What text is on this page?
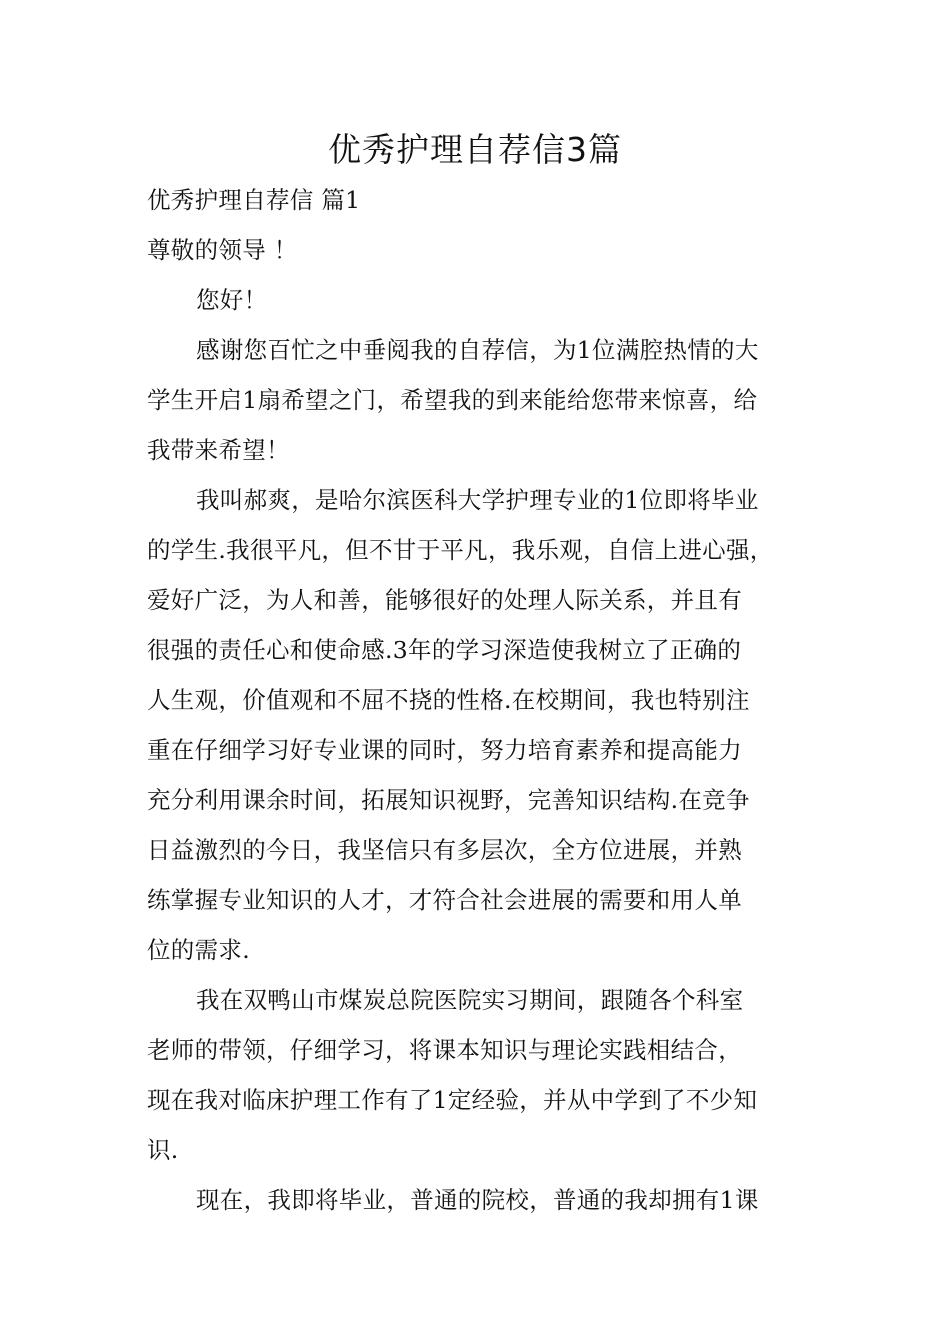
优秀护理自荐信3篇
优秀护理自荐信 篇1
尊敬的领导 ！
您好！
感谢您百忙之中垂阅我的自荐信，为1位满腔热情的大
学生开启1扇希望之门，希望我的到来能给您带来惊喜，给
我带来希望！
我叫郝爽，是哈尔滨医科大学护理专业的1位即将毕业
的学生.我很平凡，但不甘于平凡，我乐观，自信上进心强，
爱好广泛，为人和善，能够很好的处理人际关系，并且有
很强的责任心和使命感.3年的学习深造使我树立了正确的
人生观，价值观和不屈不挠的性格.在校期间，我也特别注
重在仔细学习好专业课的同时，努力培育素养和提高能力
充分利用课余时间，拓展知识视野，完善知识结构.在竞争
日益激烈的今日，我坚信只有多层次，全方位进展，并熟
练掌握专业知识的人才，才符合社会进展的需要和用人单
位的需求.
我在双鸭山市煤炭总院医院实习期间，跟随各个科室
老师的带领，仔细学习，将课本知识与理论实践相结合，
现在我对临床护理工作有了1定经验，并从中学到了不少知
识.
现在，我即将毕业，普通的院校，普通的我却拥有1课
